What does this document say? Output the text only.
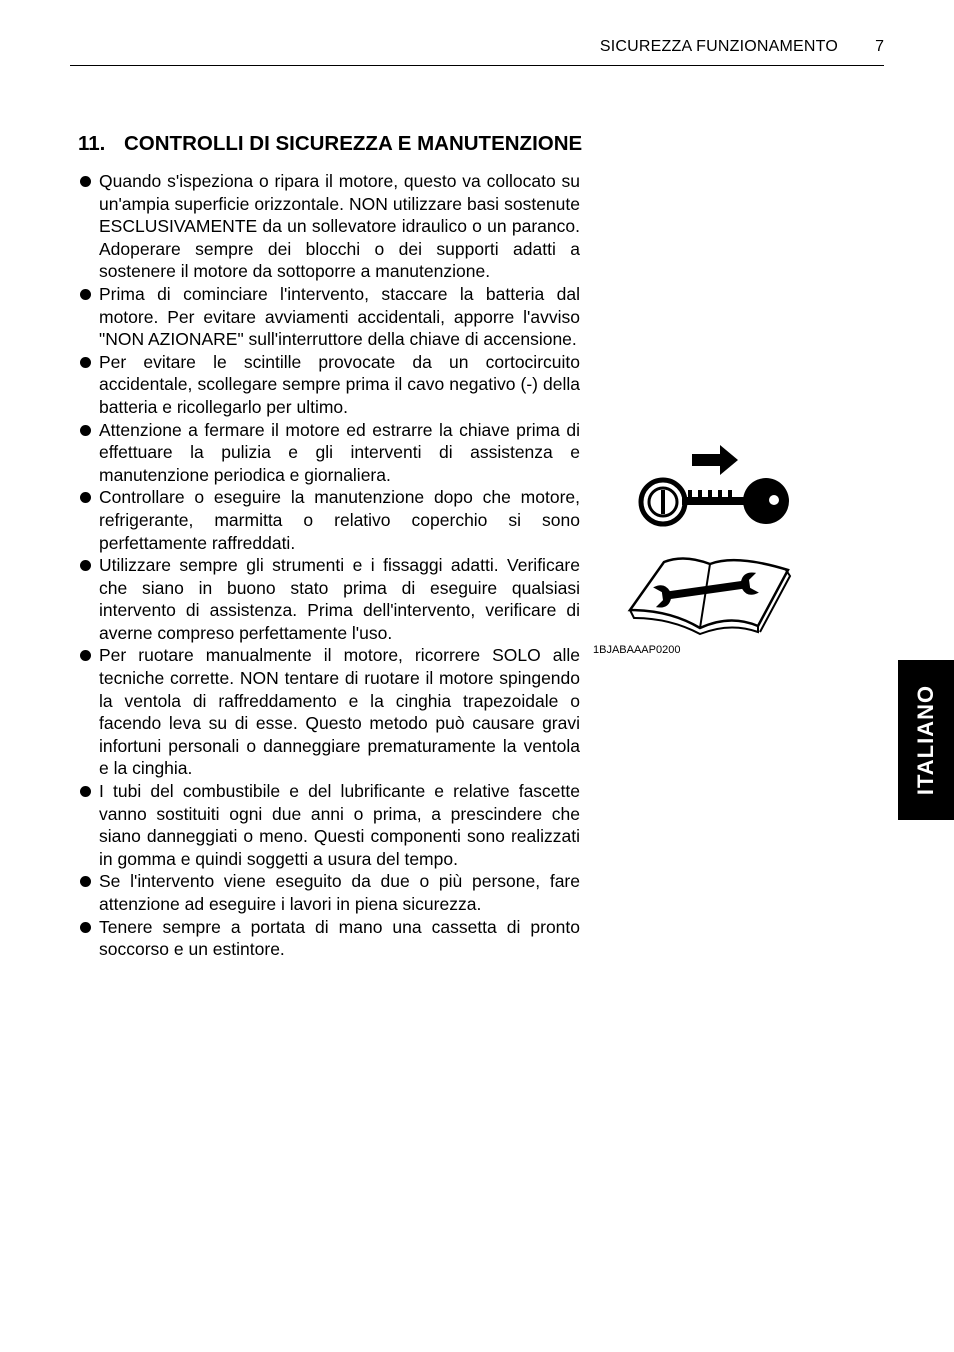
SICUREZZA FUNZIONAMENTO 7
11. CONTROLLI DI SICUREZZA E MANUTENZIONE
Quando s'ispeziona o ripara il motore, questo va collocato su un'ampia superficie orizzontale. NON utilizzare basi sostenute ESCLUSIVAMENTE da un sollevatore idraulico o un paranco. Adoperare sempre dei blocchi o dei supporti adatti a sostenere il motore da sottoporre a manutenzione.
Prima di cominciare l'intervento, staccare la batteria dal motore. Per evitare avviamenti accidentali, apporre l'avviso "NON AZIONARE" sull'interruttore della chiave di accensione.
Per evitare le scintille provocate da un cortocircuito accidentale, scollegare sempre prima il cavo negativo (-) della batteria e ricollegarlo per ultimo.
Attenzione a fermare il motore ed estrarre la chiave prima di effettuare la pulizia e gli interventi di assistenza e manutenzione periodica e giornaliera.
Controllare o eseguire la manutenzione dopo che motore, refrigerante, marmitta o relativo coperchio si sono perfettamente raffreddati.
Utilizzare sempre gli strumenti e i fissaggi adatti. Verificare che siano in buono stato prima di eseguire qualsiasi intervento di assistenza. Prima dell'intervento, verificare di averne compreso perfettamente l'uso.
Per ruotare manualmente il motore, ricorrere SOLO alle tecniche corrette. NON tentare di ruotare il motore spingendo la ventola di raffreddamento e la cinghia trapezoidale o facendo leva su di esse. Questo metodo può causare gravi infortuni personali o danneggiare prematuramente la ventola e la cinghia.
I tubi del combustibile e del lubrificante e relative fascette vanno sostituiti ogni due anni o prima, a prescindere che siano danneggiati o meno. Questi componenti sono realizzati in gomma e quindi soggetti a usura del tempo.
Se l'intervento viene eseguito da due o più persone, fare attenzione ad eseguire i lavori in piena sicurezza.
Tenere sempre a portata di mano una cassetta di pronto soccorso e un estintore.
1BJABAAAP0200
ITALIANO
